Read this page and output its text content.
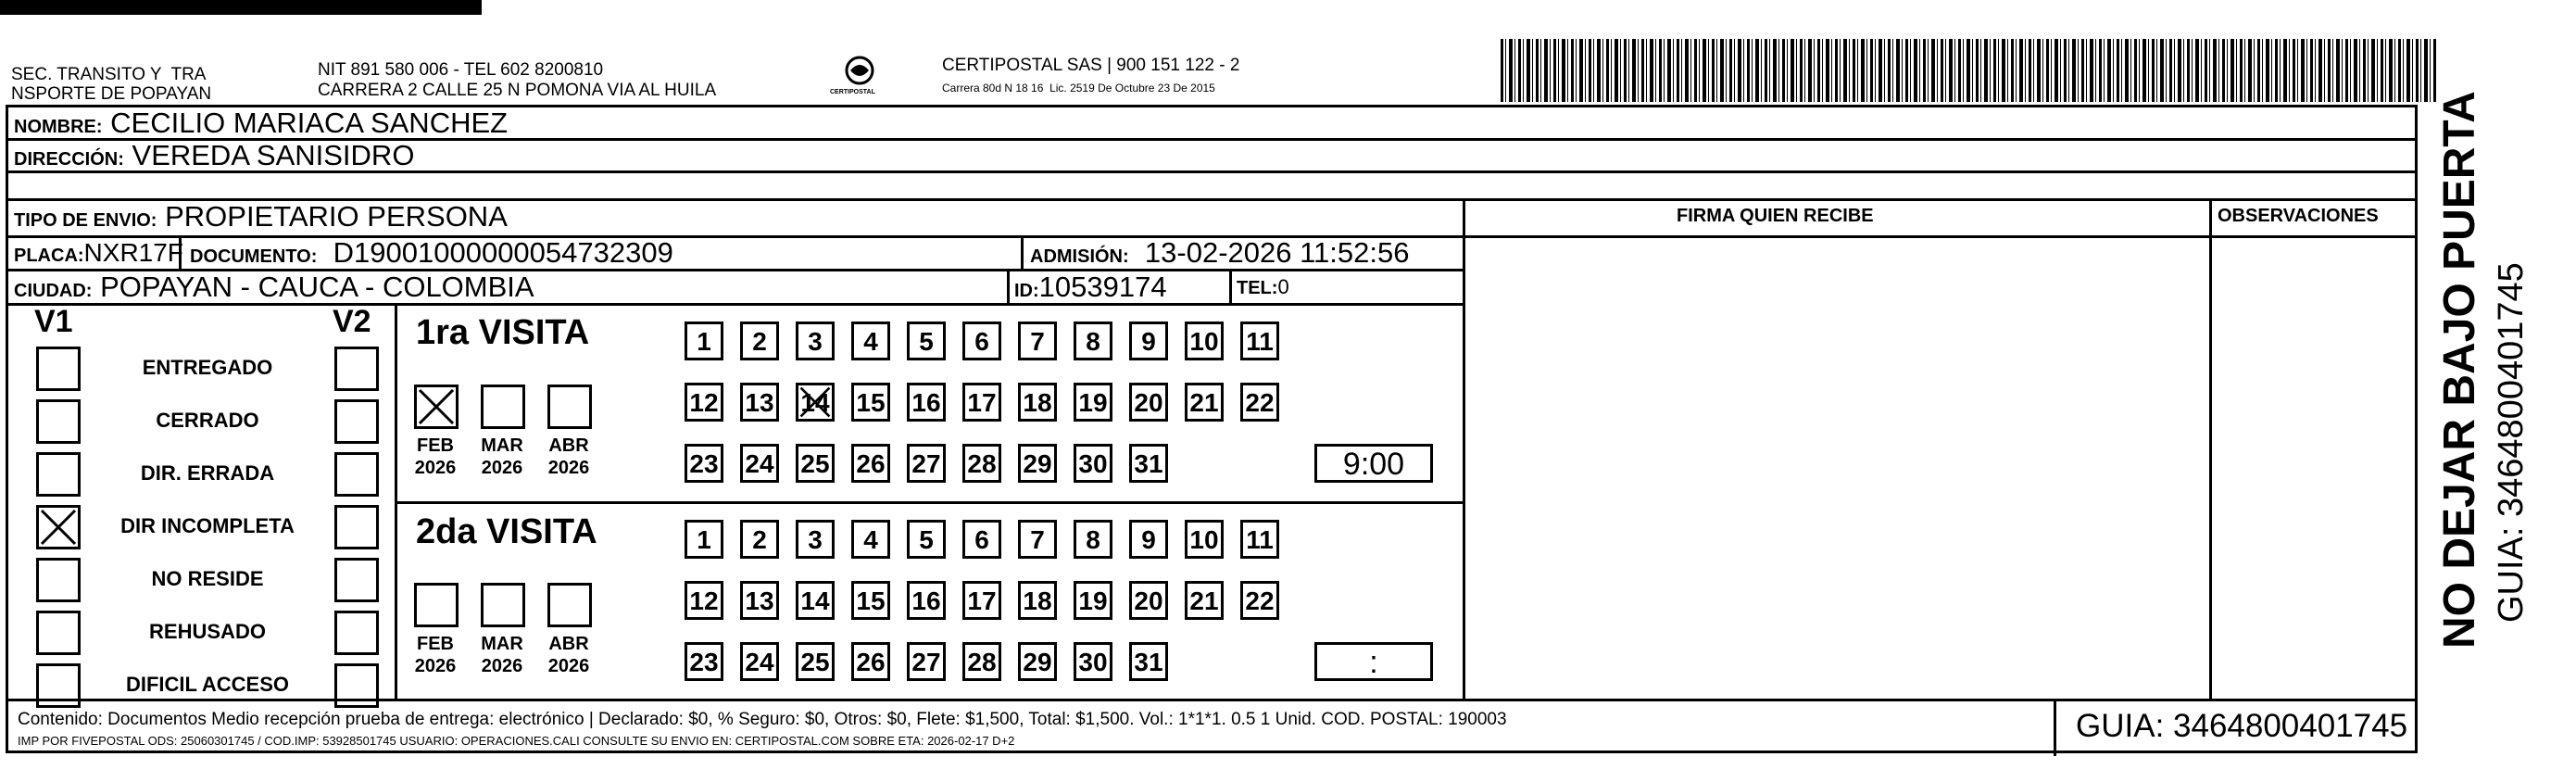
SEC. TRANSITO Y  TRA
NSPORTE DE POPAYAN
NIT 891 580 006 - TEL 602 8200810
CARRERA 2 CALLE 25 N POMONA VIA AL HUILA	CERTIPOSTAL
CERTIPOSTAL SAS | 900 151 122 - 2
Carrera 80d N 18 16  Lic. 2519 De Octubre 23 De 2015
NOMBRE: CECILIO MARIACA SANCHEZ
DIRECCIÓN: VEREDA SANISIDRO
TIPO DE ENVIO: PROPIETARIO PERSONA
PLACA:NXR17F DOCUMENTO: D19001000000054732309	ADMISIÓN: 13-02-2026 11:52:56
CIUDAD: POPAYAN - CAUCA - COLOMBIA	ID:10539174	TEL:0
FIRMA QUIEN RECIBE	OBSERVACIONES
V1	V2
ENTREGADO
CERRADO
DIR. ERRADA
DIR INCOMPLETA
NO RESIDE
REHUSADO
DIFICIL ACCESO
1ra VISITA
2da VISITA
FEB
2026
MAR
2026
ABR
2026
1	2	3	4	5	6	7	8	9	10 11
12 13 14 15 16 17 18 19 20 21 22
23 24 25 26 27 28 29 30 31	9:00
FEB
2026
MAR
2026
ABR
2026
1	2	3	4	5	6	7	8	9	10 11
12 13 14 15 16 17 18 19 20 21 22
23 24 25 26 27 28 29 30 31	:
Contenido: Documentos Medio recepción prueba de entrega: electrónico | Declarado: $0, % Seguro: $0, Otros: $0, Flete: $1,500, Total: $1,500. Vol.: 1*1*1. 0.5 1 Unid. COD. POSTAL: 190003
IMP POR FIVEPOSTAL ODS: 25060301745 / COD.IMP: 53928501745 USUARIO: OPERACIONES.CALI CONSULTE SU ENVIO EN: CERTIPOSTAL.COM SOBRE ETA: 2026-02-17 D+2	GUIA: 3464800401745
NO DEJAR BAJO PUERTA GUIA: 3464800401745
